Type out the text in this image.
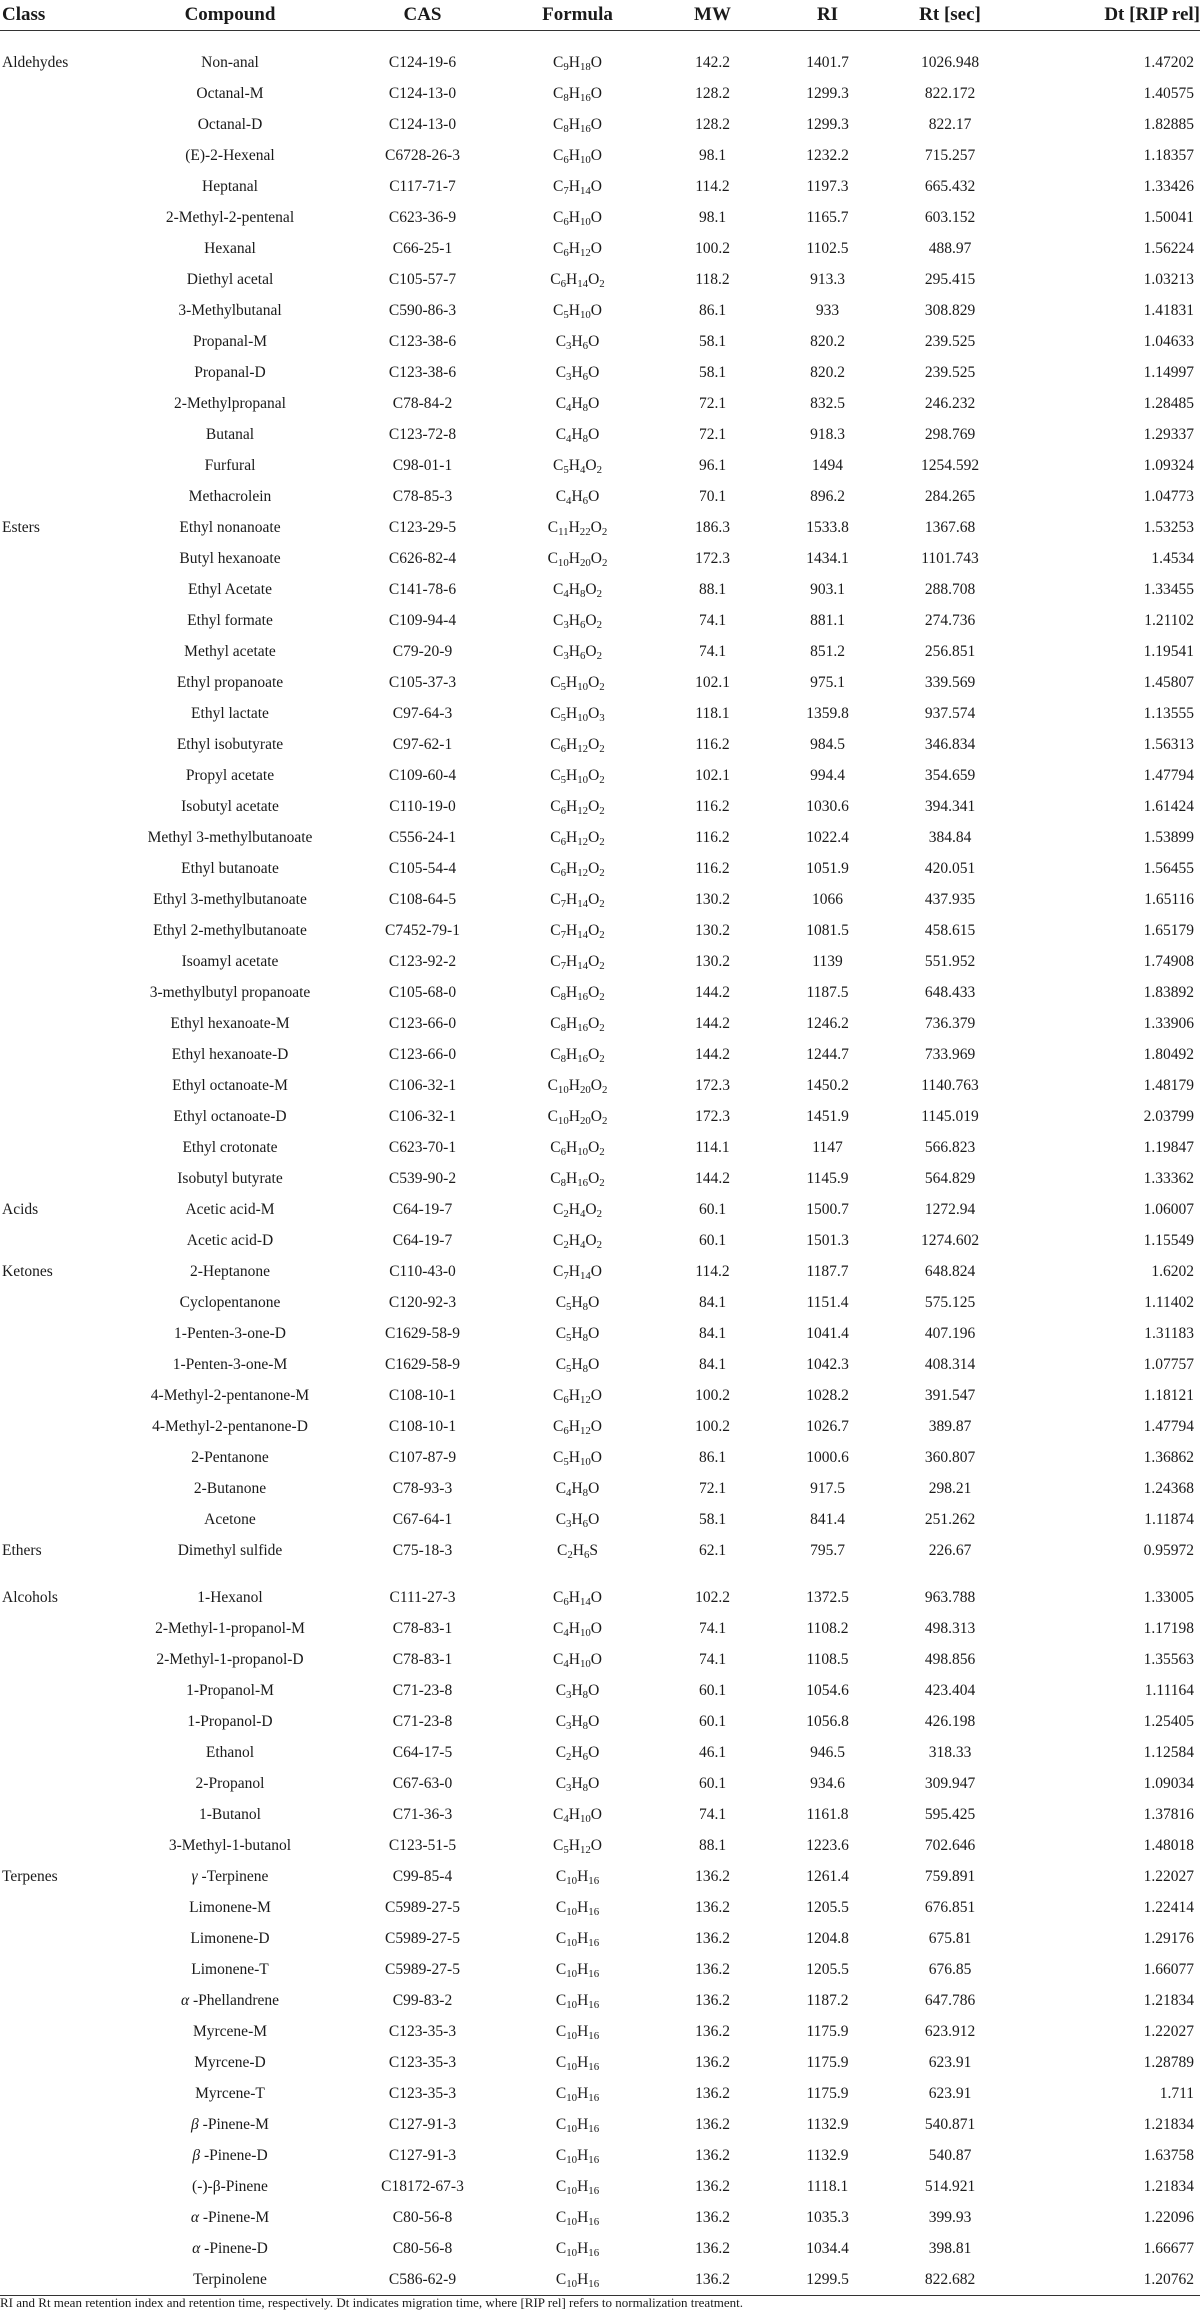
Class	Compound	CAS	Formula	MW	RI	Rt [sec]	Dt [RIP rel]

Aldehydes	Non-anal	C124-19-6	$C_9H_{18}O$	142.2	1401.7	1026.948	1.47202
	Octanal-M	C124-13-0	$C_8H_{16}O$	128.2	1299.3	822.172	1.40575
	Octanal-D	C124-13-0	$C_8H_{16}O$	128.2	1299.3	822.17	1.82885
	(E)-2-Hexenal	C6728-26-3	$C_6H_{10}O$	98.1	1232.2	715.257	1.18357
	Heptanal	C117-71-7	$C_7H_{14}O$	114.2	1197.3	665.432	1.33426
	2-Methyl-2-pentenal	C623-36-9	$C_6H_{10}O$	98.1	1165.7	603.152	1.50041
	Hexanal	C66-25-1	$C_6H_{12}O$	100.2	1102.5	488.97	1.56224
	Diethyl acetal	C105-57-7	$C_6H_{14}O_2$	118.2	913.3	295.415	1.03213
	3-Methylbutanal	C590-86-3	$C_5H_{10}O$	86.1	933	308.829	1.41831
	Propanal-M	C123-38-6	$C_3H_6O$	58.1	820.2	239.525	1.04633
	Propanal-D	C123-38-6	$C_3H_6O$	58.1	820.2	239.525	1.14997
	2-Methylpropanal	C78-84-2	$C_4H_8O$	72.1	832.5	246.232	1.28485
	Butanal	C123-72-8	$C_4H_8O$	72.1	918.3	298.769	1.29337
	Furfural	C98-01-1	$C_5H_4O_2$	96.1	1494	1254.592	1.09324
	Methacrolein	C78-85-3	$C_4H_6O$	70.1	896.2	284.265	1.04773
Esters	Ethyl nonanoate	C123-29-5	$C_{11}H_{22}O_2$	186.3	1533.8	1367.68	1.53253
	Butyl hexanoate	C626-82-4	$C_{10}H_{20}O_2$	172.3	1434.1	1101.743	1.4534
	Ethyl Acetate	C141-78-6	$C_4H_8O_2$	88.1	903.1	288.708	1.33455
	Ethyl formate	C109-94-4	$C_3H_6O_2$	74.1	881.1	274.736	1.21102
	Methyl acetate	C79-20-9	$C_3H_6O_2$	74.1	851.2	256.851	1.19541
	Ethyl propanoate	C105-37-3	$C_5H_{10}O_2$	102.1	975.1	339.569	1.45807
	Ethyl lactate	C97-64-3	$C_5H_{10}O_3$	118.1	1359.8	937.574	1.13555
	Ethyl isobutyrate	C97-62-1	$C_6H_{12}O_2$	116.2	984.5	346.834	1.56313
	Propyl acetate	C109-60-4	$C_5H_{10}O_2$	102.1	994.4	354.659	1.47794
	Isobutyl acetate	C110-19-0	$C_6H_{12}O_2$	116.2	1030.6	394.341	1.61424
	Methyl 3-methylbutanoate	C556-24-1	$C_6H_{12}O_2$	116.2	1022.4	384.84	1.53899
	Ethyl butanoate	C105-54-4	$C_6H_{12}O_2$	116.2	1051.9	420.051	1.56455
	Ethyl 3-methylbutanoate	C108-64-5	$C_7H_{14}O_2$	130.2	1066	437.935	1.65116
	Ethyl 2-methylbutanoate	C7452-79-1	$C_7H_{14}O_2$	130.2	1081.5	458.615	1.65179
	Isoamyl acetate	C123-92-2	$C_7H_{14}O_2$	130.2	1139	551.952	1.74908
	3-methylbutyl propanoate	C105-68-0	$C_8H_{16}O_2$	144.2	1187.5	648.433	1.83892
	Ethyl hexanoate-M	C123-66-0	$C_8H_{16}O_2$	144.2	1246.2	736.379	1.33906
	Ethyl hexanoate-D	C123-66-0	$C_8H_{16}O_2$	144.2	1244.7	733.969	1.80492
	Ethyl octanoate-M	C106-32-1	$C_{10}H_{20}O_2$	172.3	1450.2	1140.763	1.48179
	Ethyl octanoate-D	C106-32-1	$C_{10}H_{20}O_2$	172.3	1451.9	1145.019	2.03799
	Ethyl crotonate	C623-70-1	$C_6H_{10}O_2$	114.1	1147	566.823	1.19847
	Isobutyl butyrate	C539-90-2	$C_8H_{16}O_2$	144.2	1145.9	564.829	1.33362
Acids	Acetic acid-M	C64-19-7	$C_2H_4O_2$	60.1	1500.7	1272.94	1.06007
	Acetic acid-D	C64-19-7	$C_2H_4O_2$	60.1	1501.3	1274.602	1.15549
Ketones	2-Heptanone	C110-43-0	$C_7H_{14}O$	114.2	1187.7	648.824	1.6202
	Cyclopentanone	C120-92-3	$C_5H_8O$	84.1	1151.4	575.125	1.11402
	1-Penten-3-one-D	C1629-58-9	$C_5H_8O$	84.1	1041.4	407.196	1.31183
	1-Penten-3-one-M	C1629-58-9	$C_5H_8O$	84.1	1042.3	408.314	1.07757
	4-Methyl-2-pentanone-M	C108-10-1	$C_6H_{12}O$	100.2	1028.2	391.547	1.18121
	4-Methyl-2-pentanone-D	C108-10-1	$C_6H_{12}O$	100.2	1026.7	389.87	1.47794
	2-Pentanone	C107-87-9	$C_5H_{10}O$	86.1	1000.6	360.807	1.36862
	2-Butanone	C78-93-3	$C_4H_8O$	72.1	917.5	298.21	1.24368
	Acetone	C67-64-1	$C_3H_6O$	58.1	841.4	251.262	1.11874
Ethers	Dimethyl sulfide	C75-18-3	$C_2H_6S$	62.1	795.7	226.67	0.95972

Alcohols	1-Hexanol	C111-27-3	$C_6H_{14}O$	102.2	1372.5	963.788	1.33005
	2-Methyl-1-propanol-M	C78-83-1	$C_4H_{10}O$	74.1	1108.2	498.313	1.17198
	2-Methyl-1-propanol-D	C78-83-1	$C_4H_{10}O$	74.1	1108.5	498.856	1.35563
	1-Propanol-M	C71-23-8	$C_3H_8O$	60.1	1054.6	423.404	1.11164
	1-Propanol-D	C71-23-8	$C_3H_8O$	60.1	1056.8	426.198	1.25405
	Ethanol	C64-17-5	$C_2H_6O$	46.1	946.5	318.33	1.12584
	2-Propanol	C67-63-0	$C_3H_8O$	60.1	934.6	309.947	1.09034
	1-Butanol	C71-36-3	$C_4H_{10}O$	74.1	1161.8	595.425	1.37816
	3-Methyl-1-butanol	C123-51-5	$C_5H_{12}O$	88.1	1223.6	702.646	1.48018
Terpenes	γ -Terpinene	C99-85-4	$C_{10}H_{16}$	136.2	1261.4	759.891	1.22027
	Limonene-M	C5989-27-5	$C_{10}H_{16}$	136.2	1205.5	676.851	1.22414
	Limonene-D	C5989-27-5	$C_{10}H_{16}$	136.2	1204.8	675.81	1.29176
	Limonene-T	C5989-27-5	$C_{10}H_{16}$	136.2	1205.5	676.85	1.66077
	α -Phellandrene	C99-83-2	$C_{10}H_{16}$	136.2	1187.2	647.786	1.21834
	Myrcene-M	C123-35-3	$C_{10}H_{16}$	136.2	1175.9	623.912	1.22027
	Myrcene-D	C123-35-3	$C_{10}H_{16}$	136.2	1175.9	623.91	1.28789
	Myrcene-T	C123-35-3	$C_{10}H_{16}$	136.2	1175.9	623.91	1.711
	β -Pinene-M	C127-91-3	$C_{10}H_{16}$	136.2	1132.9	540.871	1.21834
	β -Pinene-D	C127-91-3	$C_{10}H_{16}$	136.2	1132.9	540.87	1.63758
	(-)-β-Pinene	C18172-67-3	$C_{10}H_{16}$	136.2	1118.1	514.921	1.21834
	α -Pinene-M	C80-56-8	$C_{10}H_{16}$	136.2	1035.3	399.93	1.22096
	α -Pinene-D	C80-56-8	$C_{10}H_{16}$	136.2	1034.4	398.81	1.66677
	Terpinolene	C586-62-9	$C_{10}H_{16}$	136.2	1299.5	822.682	1.20762
RI and Rt mean retention index and retention time, respectively. Dt indicates migration time, where [RIP rel] refers to normalization treatment.
